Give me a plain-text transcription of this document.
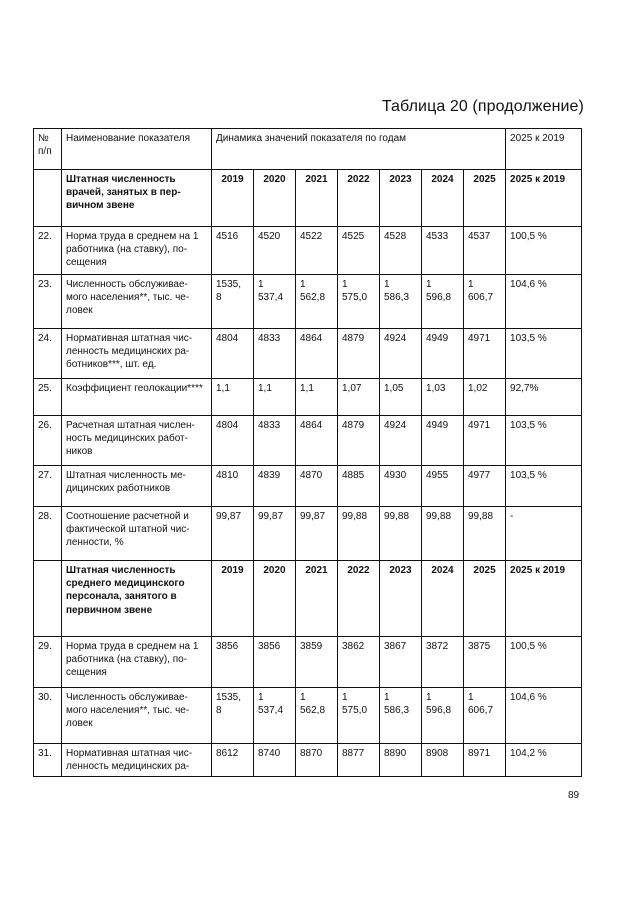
Таблица 20 (продолжение)
№ п/п	Наименование показателя	Динамика значений показателя по годам							2025 к 2019
	Штатная численность врачей, занятых в пер-вичном звене	2019	2020	2021	2022	2023	2024	2025	2025 к 2019
22.	Норма труда в среднем на 1 работника (на ставку), по-сещения	4516	4520	4522	4525	4528	4533	4537	100,5 %
23.	Численность обслуживае-мого населения**, тыс. че-ловек	1535, 8	1 537,4	1 562,8	1 575,0	1 586,3	1 596,8	1 606,7	104,6 %
24.	Нормативная штатная чис-ленность медицинских ра-ботников***, шт. ед.	4804	4833	4864	4879	4924	4949	4971	103,5 %
25.	Коэффициент геолокации****	1,1	1,1	1,1	1,07	1,05	1,03	1,02	92,7%
26.	Расчетная штатная числен-ность медицинских работ-ников	4804	4833	4864	4879	4924	4949	4971	103,5 %
27.	Штатная численность ме-дицинских работников	4810	4839	4870	4885	4930	4955	4977	103,5 %
28.	Соотношение расчетной и фактической штатной чис-ленности, %	99,87	99,87	99,87	99,88	99,88	99,88	99,88	-
	Штатная численность среднего медицинского персонала, занятого в первичном звене	2019	2020	2021	2022	2023	2024	2025	2025 к 2019
29.	Норма труда в среднем на 1 работника (на ставку), по-сещения	3856	3856	3859	3862	3867	3872	3875	100,5 %
30.	Численность обслуживае-мого населения**, тыс. че-ловек	1535, 8	1 537,4	1 562,8	1 575,0	1 586,3	1 596,8	1 606,7	104,6 %
31.	Нормативная штатная чис-ленность медицинских ра-	8612	8740	8870	8877	8890	8908	8971	104,2 %
89
